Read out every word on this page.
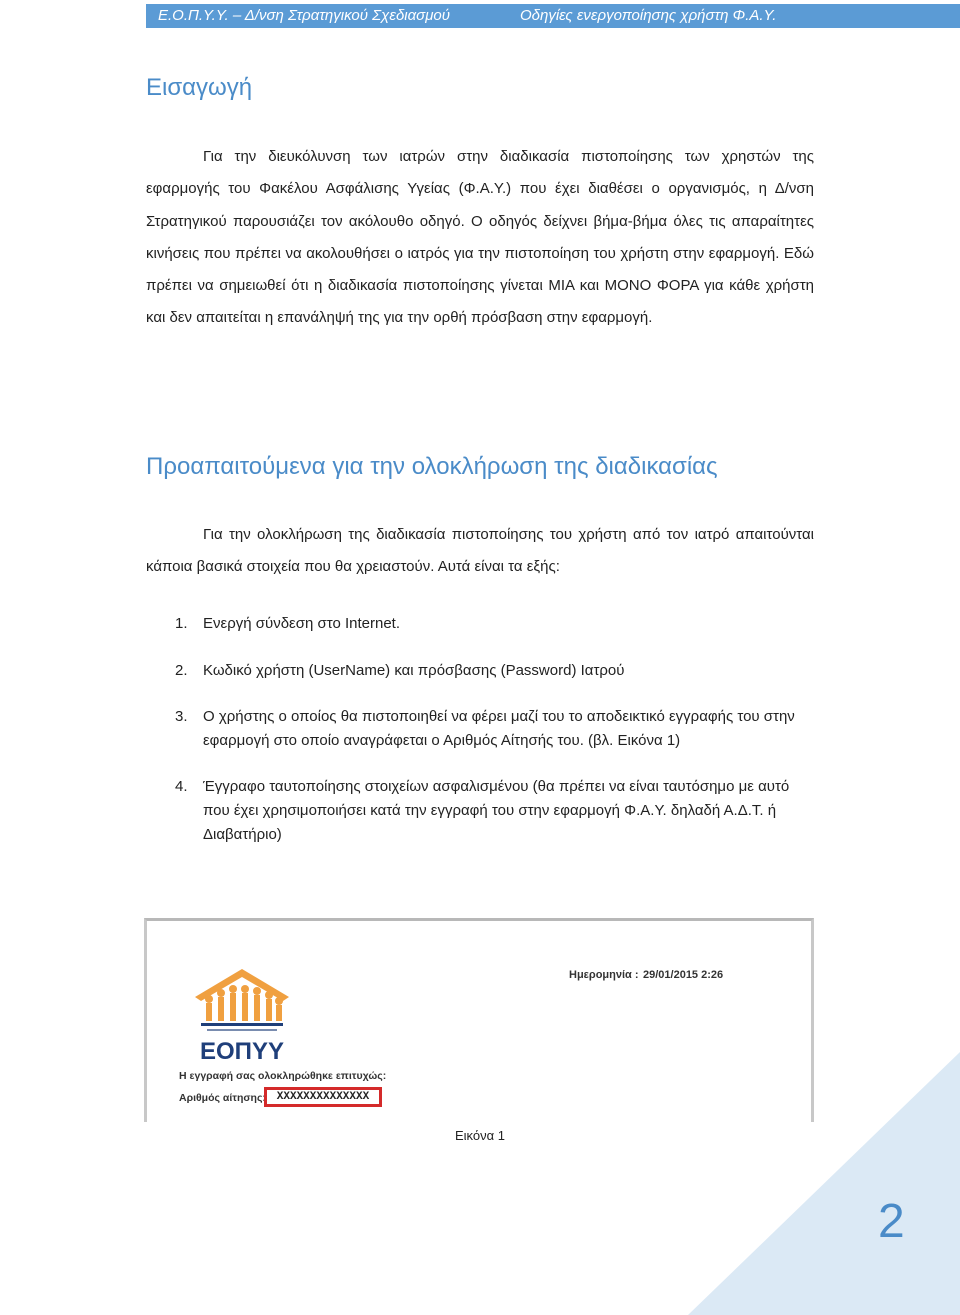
Ε.Ο.Π.Υ.Υ. – Δ/νση Στρατηγικού Σχεδιασμού	Οδηγίες ενεργοποίησης χρήστη Φ.Α.Υ.
Εισαγωγή

Για την διευκόλυνση των ιατρών στην διαδικασία πιστοποίησης των χρηστών της εφαρμογής του Φακέλου Ασφάλισης Υγείας (Φ.Α.Υ.) που έχει διαθέσει ο οργανισμός, η Δ/νση Στρατηγικού παρουσιάζει τον ακόλουθο οδηγό. Ο οδηγός δείχνει βήμα-βήμα όλες τις απαραίτητες κινήσεις που πρέπει να ακολουθήσει ο ιατρός για την πιστοποίηση του χρήστη στην εφαρμογή. Εδώ πρέπει να σημειωθεί ότι η διαδικασία πιστοποίησης γίνεται ΜΙΑ και ΜΟΝΟ ΦΟΡΑ για κάθε χρήστη και δεν απαιτείται η επανάληψή της για την ορθή πρόσβαση στην εφαρμογή.

Προαπαιτούμενα για την ολοκλήρωση της διαδικασίας

Για την ολοκλήρωση της διαδικασία πιστοποίησης του χρήστη από τον ιατρό απαιτούνται κάποια βασικά στοιχεία που θα χρειαστούν. Αυτά είναι τα εξής:

1.	Ενεργή σύνδεση στο Internet.
2.	Κωδικό χρήστη (UserName) και πρόσβασης (Password) Ιατρού
3.	Ο χρήστης ο οποίος θα πιστοποιηθεί να φέρει μαζί του το αποδεικτικό εγγραφής του στην εφαρμογή στο οποίο αναγράφεται ο Αριθμός Αίτησής του. (βλ. Εικόνα 1)
4.	Έγγραφο ταυτοποίησης στοιχείων ασφαλισμένου (θα πρέπει να είναι ταυτόσημο με αυτό που έχει χρησιμοποιήσει κατά την εγγραφή του στην εφαρμογή Φ.Α.Υ. δηλαδή Α.Δ.Τ. ή Διαβατήριο)
Ημερομηνία : 29/01/2015 2:26
ΕΟΠΥΥ
Η εγγραφή σας ολοκληρώθηκε επιτυχώς:
Αριθμός αίτησης: XXXXXXXXXXXXXX
Εικόνα 1
2
